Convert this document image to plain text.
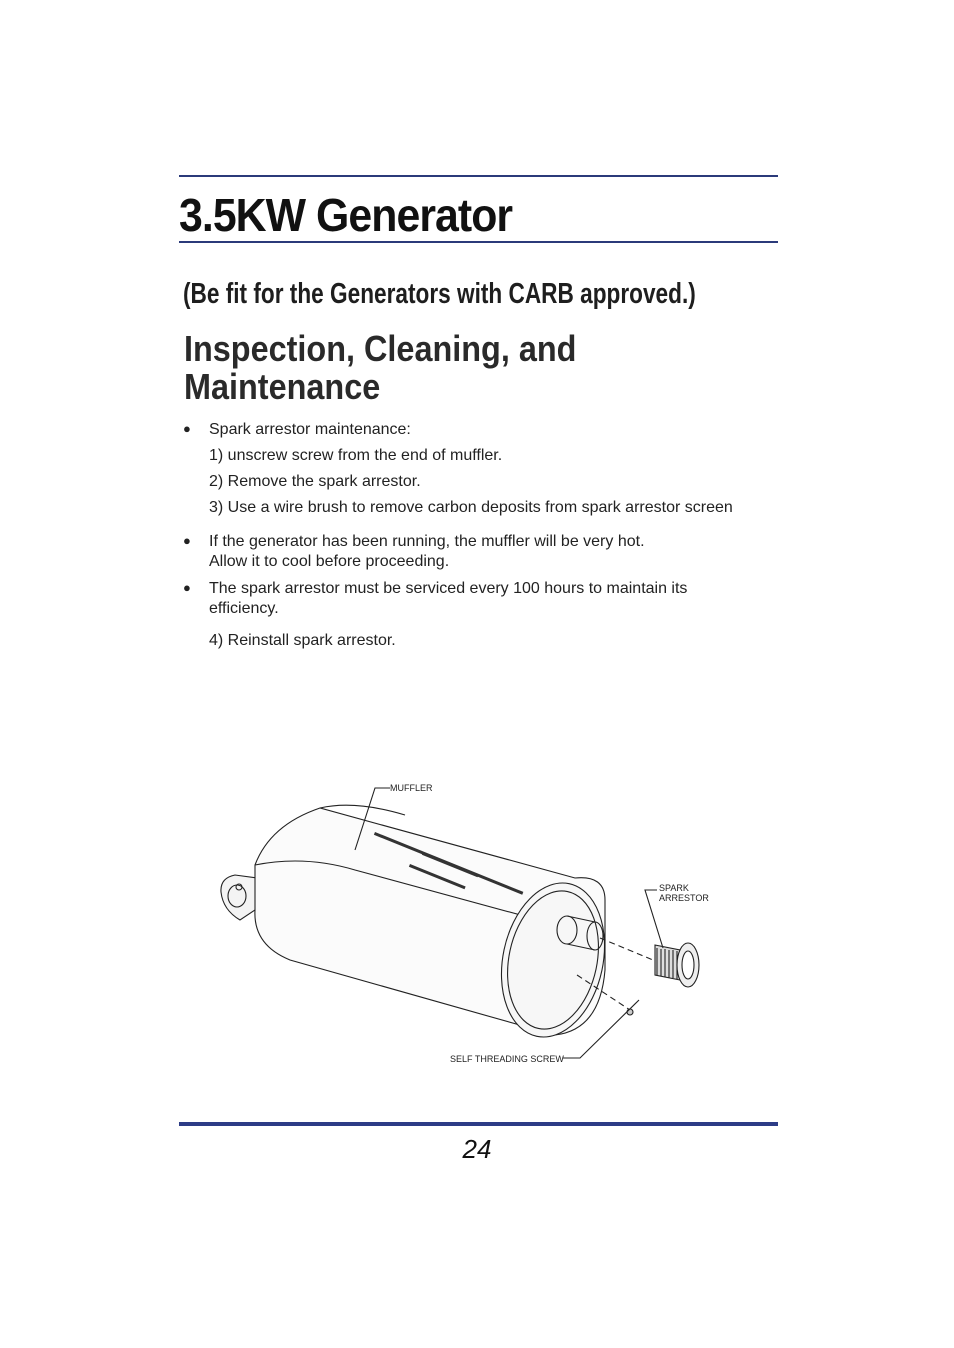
3.5KW Generator
(Be fit for the Generators with CARB approved.)
Inspection, Cleaning, and
Maintenance
● Spark arrestor maintenance:
1) unscrew screw from the end of muffler.
2) Remove the spark arrestor.
3) Use a wire brush to remove carbon deposits from spark arrestor screen
● If the generator has been running, the muffler will be very hot.
Allow it to cool before proceeding.
● The spark arrestor must be serviced every 100 hours to maintain its
efficiency.
4) Reinstall spark arrestor.
MUFFLER
SPARK
ARRESTOR
SELF THREADING SCREW
24
